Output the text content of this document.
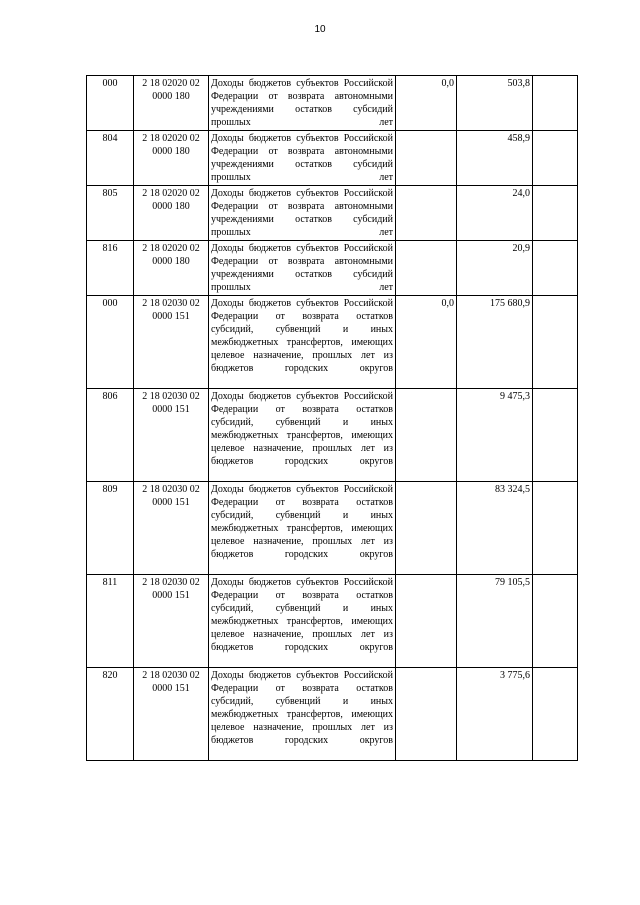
10
000	2 18 02020 02 0000 180	Доходы бюджетов субъектов Российской Федерации от возврата автономными учреждениями остатков субсидий прошлых лет	0,0	503,8	
804	2 18 02020 02 0000 180	Доходы бюджетов субъектов Российской Федерации от возврата автономными учреждениями остатков субсидий прошлых лет		458,9	
805	2 18 02020 02 0000 180	Доходы бюджетов субъектов Российской Федерации от возврата автономными учреждениями остатков субсидий прошлых лет		24,0	
816	2 18 02020 02 0000 180	Доходы бюджетов субъектов Российской Федерации от возврата автономными учреждениями остатков субсидий прошлых лет		20,9	
000	2 18 02030 02 0000 151	Доходы бюджетов субъектов Российской Федерации от возврата остатков субсидий, субвенций и иных межбюджетных трансфертов, имеющих целевое назначение, прошлых лет из бюджетов городских округов	0,0	175 680,9	
806	2 18 02030 02 0000 151	Доходы бюджетов субъектов Российской Федерации от возврата остатков субсидий, субвенций и иных межбюджетных трансфертов, имеющих целевое назначение, прошлых лет из бюджетов городских округов		9 475,3	
809	2 18 02030 02 0000 151	Доходы бюджетов субъектов Российской Федерации от возврата остатков субсидий, субвенций и иных межбюджетных трансфертов, имеющих целевое назначение, прошлых лет из бюджетов городских округов		83 324,5	
811	2 18 02030 02 0000 151	Доходы бюджетов субъектов Российской Федерации от возврата остатков субсидий, субвенций и иных межбюджетных трансфертов, имеющих целевое назначение, прошлых лет из бюджетов городских округов		79 105,5	
820	2 18 02030 02 0000 151	Доходы бюджетов субъектов Российской Федерации от возврата остатков субсидий, субвенций и иных межбюджетных трансфертов, имеющих целевое назначение, прошлых лет из бюджетов городских округов		3 775,6	
